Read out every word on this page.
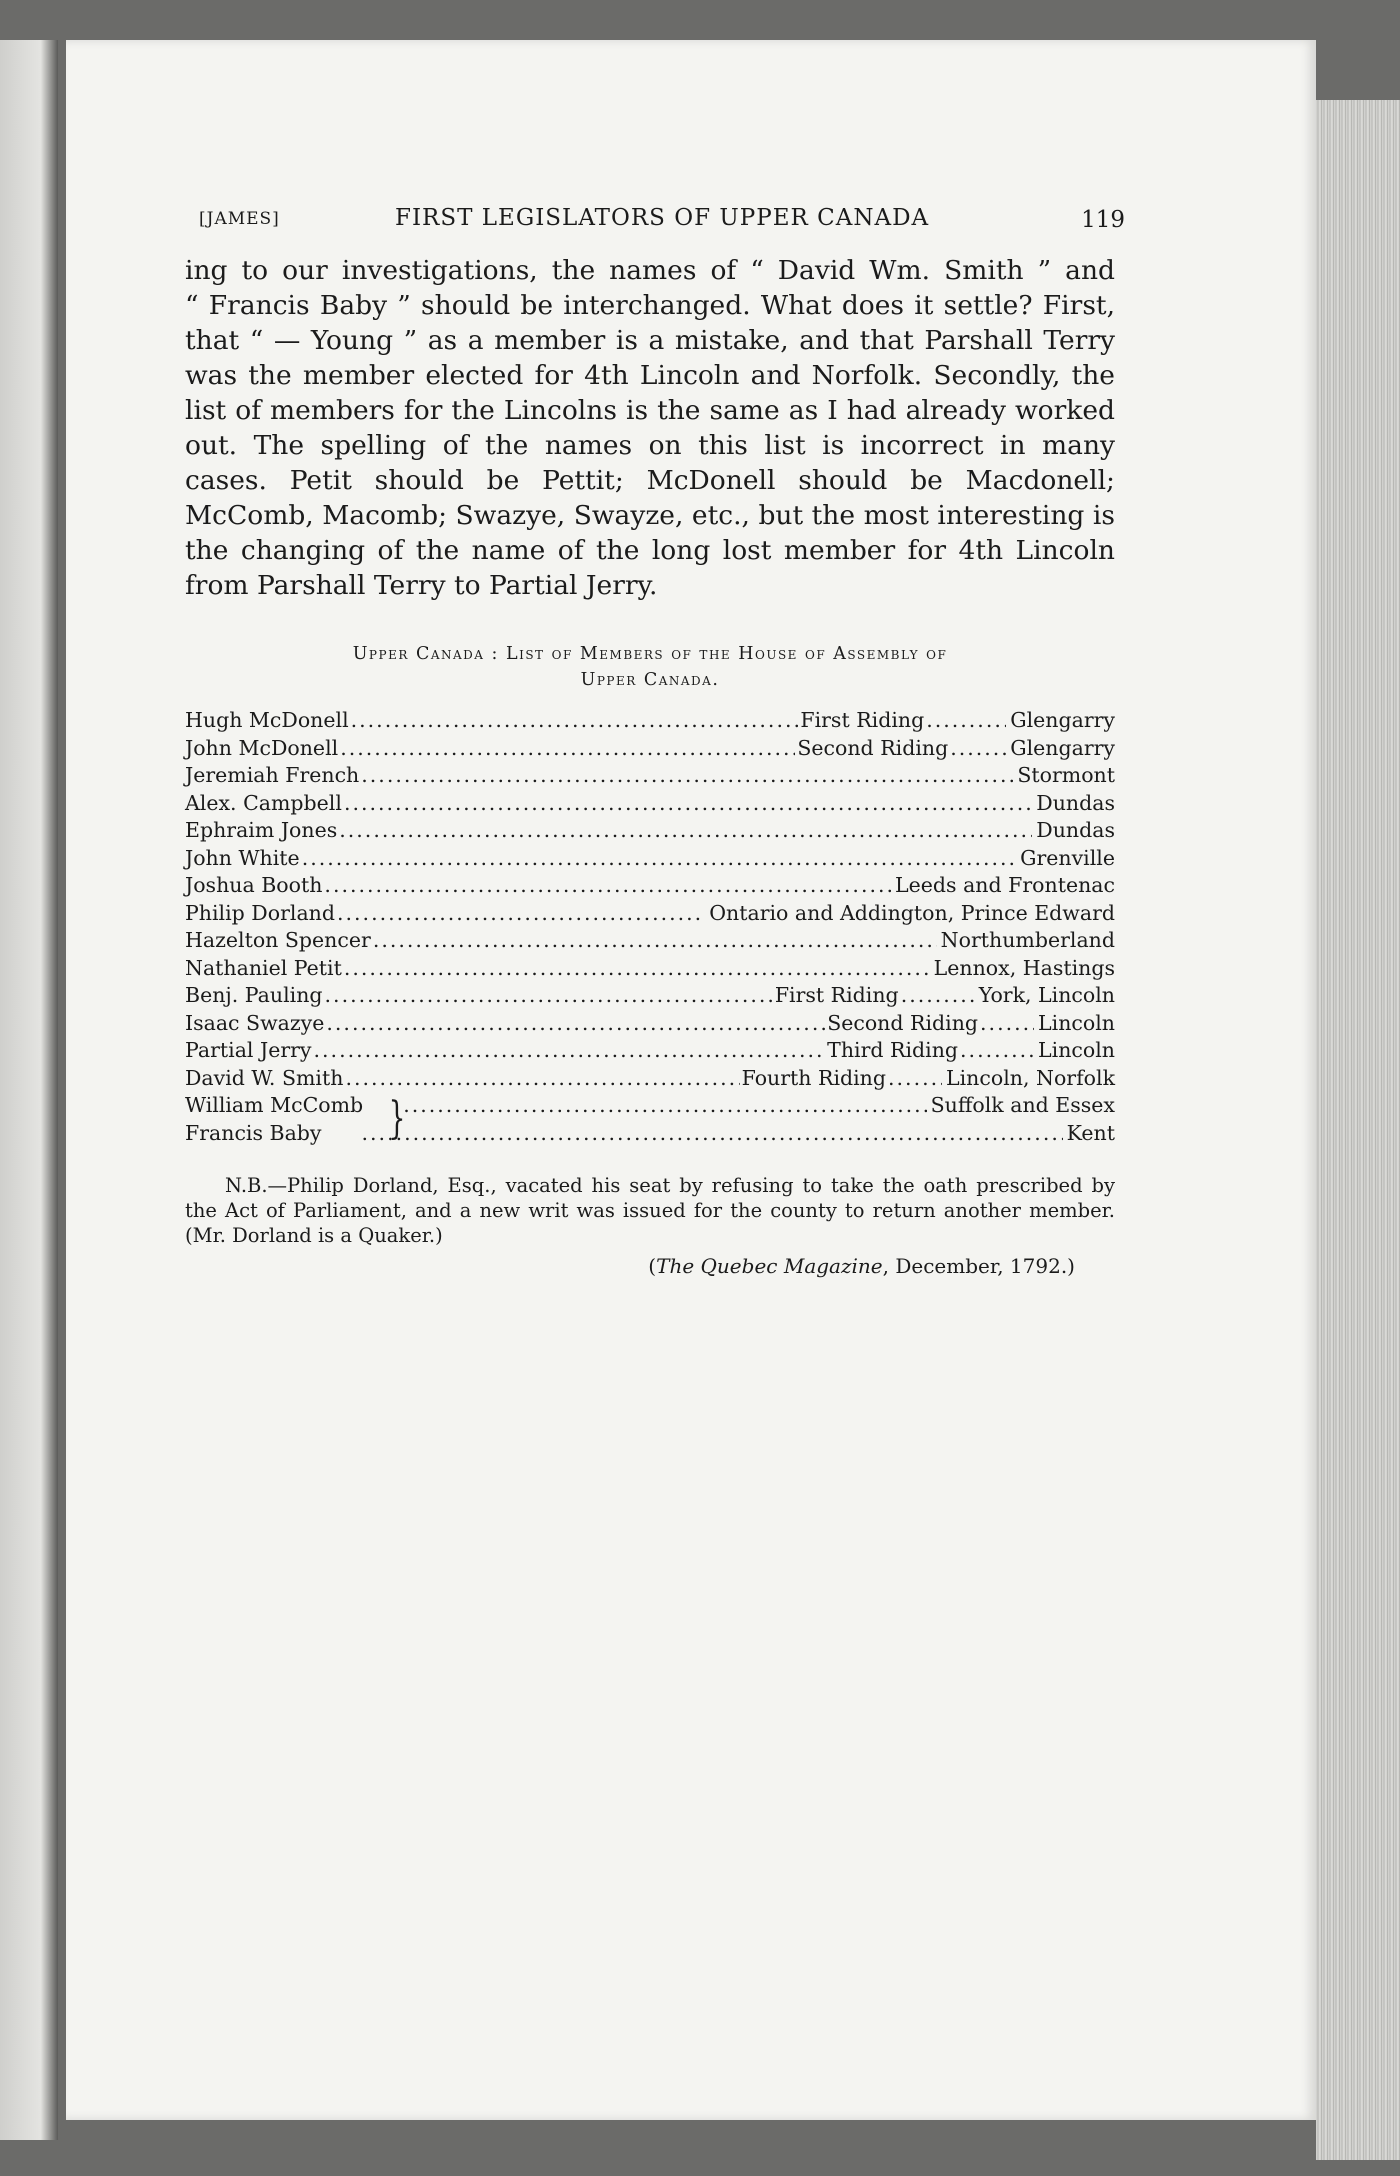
[JAMES]	FIRST LEGISLATORS OF UPPER CANADA	119
ing to our investigations, the names of “ David Wm. Smith ” and
“ Francis Baby ” should be interchanged. What does it settle? First,
that “ — Young ” as a member is a mistake, and that Parshall Terry
was the member elected for 4th Lincoln and Norfolk. Secondly, the
list of members for the Lincolns is the same as I had already worked
out. The spelling of the names on this list is incorrect in many
cases. Petit should be Pettit; McDonell should be Macdonell;
McComb, Macomb; Swazye, Swayze, etc., but the most interesting is
the changing of the name of the long lost member for 4th Lincoln
from Parshall Terry to Partial Jerry.
Upper Canada : List of Members of the House of Assembly of
Upper Canada.
Hugh McDonell .....	First Riding .....	Glengarry
John McDonell .....	Second Riding .....	Glengarry
Jeremiah French .....	Stormont
Alex. Campbell .....	Dundas
Ephraim Jones .....	Dundas
John White .....	Grenville
Joshua Booth .....	Leeds and Frontenac
Philip Dorland .....	Ontario and Addington, Prince Edward
Hazelton Spencer .....	Northumberland
Nathaniel Petit .....	Lennox, Hastings
Benj. Pauling .....	First Riding .....	York, Lincoln
Isaac Swazye .....	Second Riding .....	Lincoln
Partial Jerry .....	Third Riding .....	Lincoln
David W. Smith .....	Fourth Riding .....	Lincoln, Norfolk
}
William McComb .....	Suffolk and Essex
Francis Baby .....	Kent
N.B.—Philip Dorland, Esq., vacated his seat by refusing to take the oath prescribed by the Act of Parliament, and a new writ was issued for the county to return another member. (Mr. Dorland is a Quaker.)
(The Quebec Magazine, December, 1792.)
